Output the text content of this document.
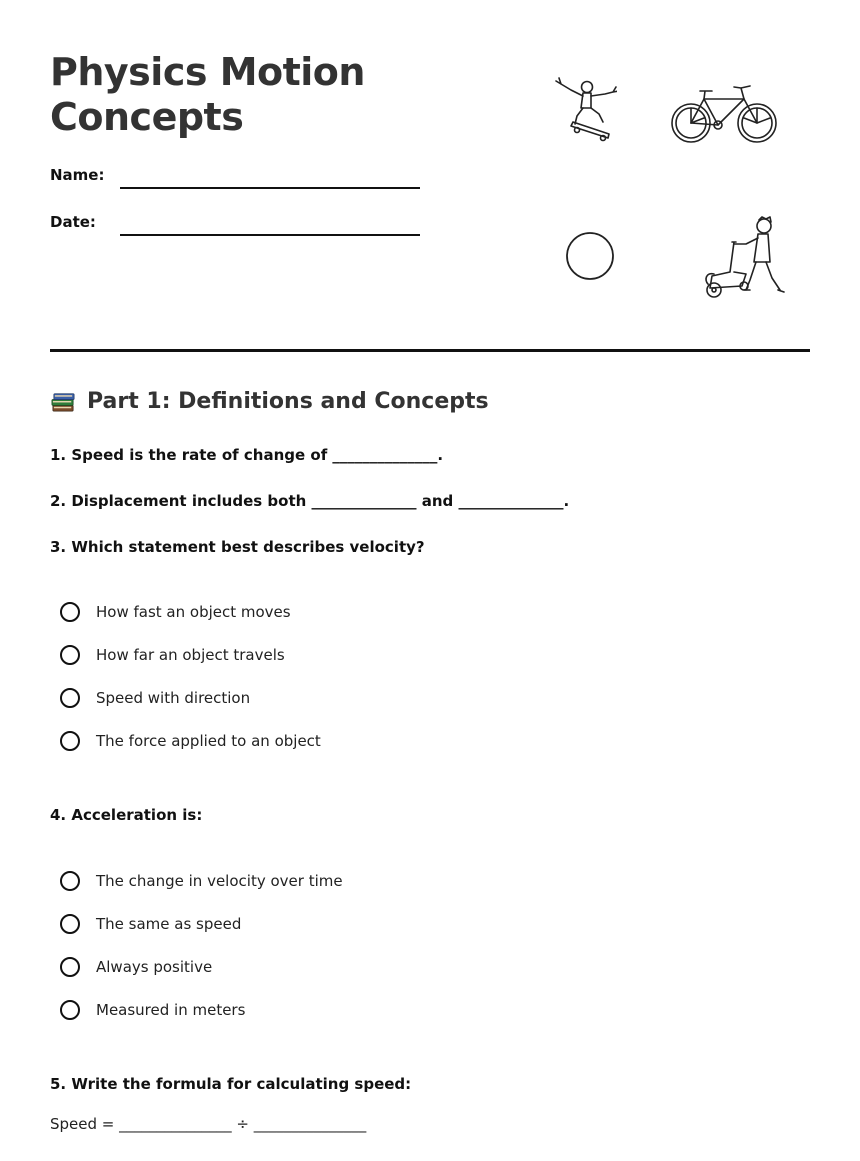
Physics Motion
Concepts
Name:
Date:
Part 1: Definitions and Concepts
1. Speed is the rate of change of ______________.
2. Displacement includes both ______________ and ______________.
3. Which statement best describes velocity?
How fast an object moves
How far an object travels
Speed with direction
The force applied to an object
4. Acceleration is:
The change in velocity over time
The same as speed
Always positive
Measured in meters
5. Write the formula for calculating speed:
Speed = _______________ ÷ _______________
